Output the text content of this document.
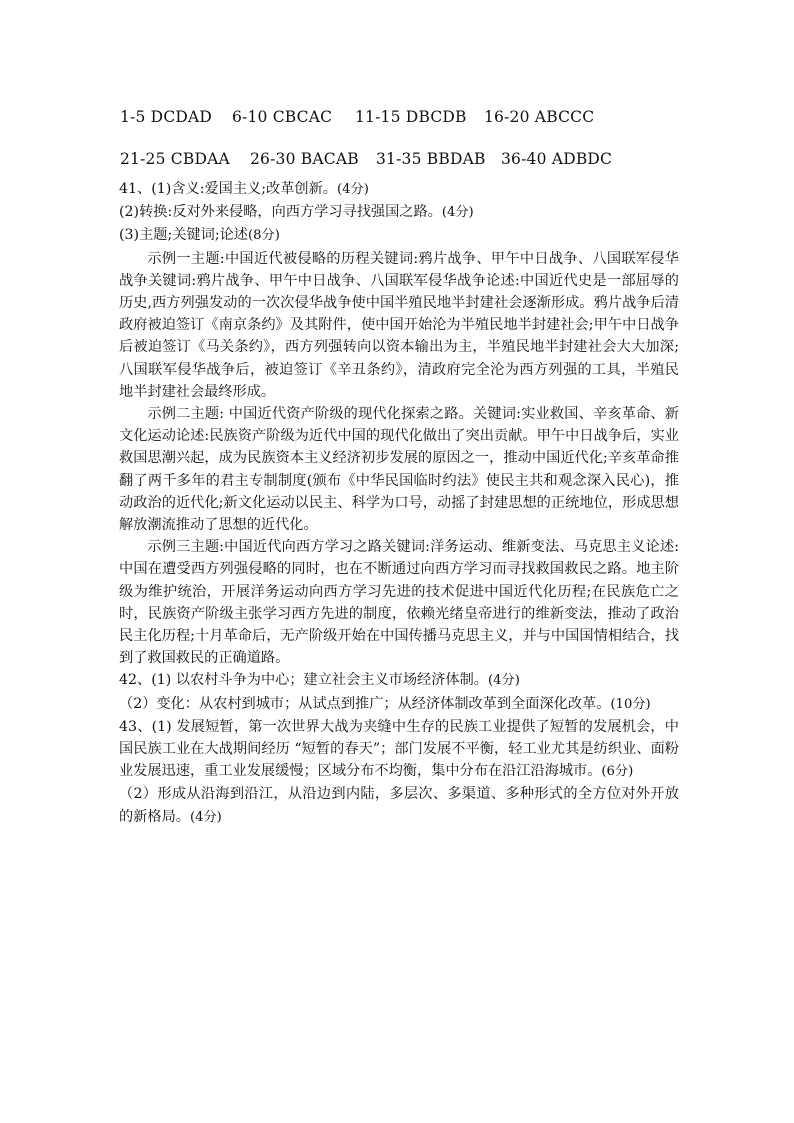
1-5 DCDAD 6-10 CBCAC 11-15 DBCDB 16-20 ABCCC
21-25 CBDAA 26-30 BACAB 31-35 BBDAB 36-40 ADBDC

41、(1)含义:爱国主义;改革创新。(4分)

(2)转换:反对外来侵略，向西方学习寻找强国之路。(4分)

(3)主题;关键词;论述(8分)

示例一主题:中国近代被侵略的历程关键词:鸦片战争、甲午中日战争、八国联军侵华战争关键词:鸦片战争、甲午中日战争、八国联军侵华战争论述:中国近代史是一部屈辱的历史,西方列强发动的一次次侵华战争使中国半殖民地半封建社会逐渐形成。鸦片战争后清政府被迫签订《南京条约》及其附件，使中国开始沦为半殖民地半封建社会;甲午中日战争后被迫签订《马关条约》，西方列强转向以资本输出为主，半殖民地半封建社会大大加深;八国联军侵华战争后，被迫签订《辛丑条约》，清政府完全沦为西方列强的工具，半殖民地半封建社会最终形成。

示例二主题: 中国近代资产阶级的现代化探索之路。关键词:实业救国、辛亥革命、新文化运动论述:民族资产阶级为近代中国的现代化做出了突出贡献。甲午中日战争后，实业救国思潮兴起，成为民族资本主义经济初步发展的原因之一，推动中国近代化;辛亥革命推翻了两千多年的君主专制制度(颁布《中华民国临时约法》使民主共和观念深入民心)，推动政治的近代化;新文化运动以民主、科学为口号，动摇了封建思想的正统地位，形成思想解放潮流推动了思想的近代化。

示例三主题:中国近代向西方学习之路关键词:洋务运动、维新变法、马克思主义论述:中国在遭受西方列强侵略的同时，也在不断通过向西方学习而寻找救国救民之路。地主阶级为维护统治，开展洋务运动向西方学习先进的技术促进中国近代化历程;在民族危亡之时，民族资产阶级主张学习西方先进的制度，依赖光绪皇帝进行的维新变法，推动了政治民主化历程;十月革命后，无产阶级开始在中国传播马克思主义，并与中国国情相结合，找到了救国救民的正确道路。

42、(1) 以农村斗争为中心；建立社会主义市场经济体制。(4分)

（2）变化：从农村到城市；从试点到推广；从经济体制改革到全面深化改革。(10分)

43、(1) 发展短暂，第一次世界大战为夹缝中生存的民族工业提供了短暂的发展机会，中国民族工业在大战期间经历 “短暂的春天”；部门发展不平衡，轻工业尤其是纺织业、面粉业发展迅速，重工业发展缓慢；区域分布不均衡，集中分布在沿江沿海城市。(6分)

（2）形成从沿海到沿江，从沿边到内陆，多层次、多渠道、多种形式的全方位对外开放的新格局。(4分)
